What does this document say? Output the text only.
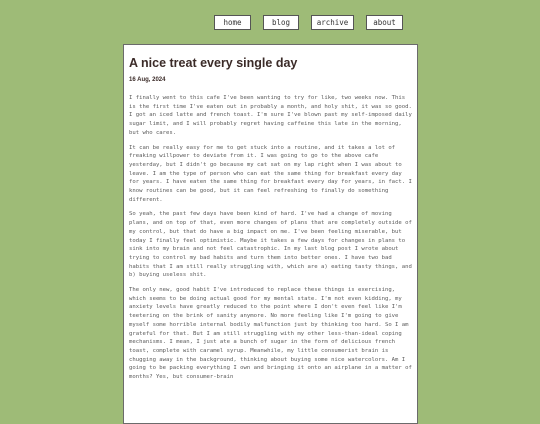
home	blog	archive	about
A nice treat every single day
16 Aug, 2024

I finally went to this cafe I've been wanting to try for like, two weeks now. This is the first time I've eaten out in probably a month, and holy shit, it was so good. I got an iced latte and french toast. I'm sure I've blown past my self-imposed daily sugar limit, and I will probably regret having caffeine this late in the morning, but who cares.

It can be really easy for me to get stuck into a routine, and it takes a lot of freaking willpower to deviate from it. I was going to go to the above cafe yesterday, but I didn't go because my cat sat on my lap right when I was about to leave. I am the type of person who can eat the same thing for breakfast every day for years. I have eaten the same thing for breakfast every day for years, in fact. I know routines can be good, but it can feel refreshing to finally do something different.

So yeah, the past few days have been kind of hard. I've had a change of moving plans, and on top of that, even more changes of plans that are completely outside of my control, but that do have a big impact on me. I've been feeling miserable, but today I finally feel optimistic. Maybe it takes a few days for changes in plans to sink into my brain and not feel catastrophic. In my last blog post I wrote about trying to control my bad habits and turn them into better ones. I have two bad habits that I am still really struggling with, which are a) eating tasty things, and b) buying useless shit.

The only new, good habit I've introduced to replace these things is exercising, which seems to be doing actual good for my mental state. I'm not even kidding, my anxiety levels have greatly reduced to the point where I don't even feel like I'm teetering on the brink of sanity anymore. No more feeling like I'm going to give myself some horrible internal bodily malfunction just by thinking too hard. So I am grateful for that. But I am still struggling with my other less-than-ideal coping mechanisms. I mean, I just ate a bunch of sugar in the form of delicious french toast, complete with caramel syrup. Meanwhile, my little consumerist brain is chugging away in the background, thinking about buying some nice watercolors. Am I going to be packing everything I own and bringing it onto an airplane in a matter of months? Yes, but consumer-brain
